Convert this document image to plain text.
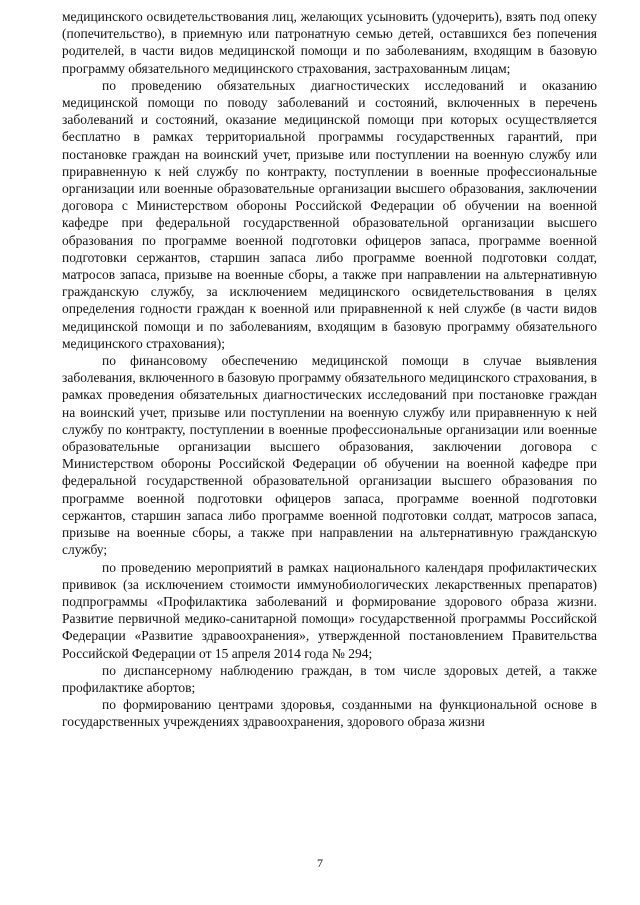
медицинского освидетельствования лиц, желающих усыновить (удочерить), взять под опеку (попечительство), в приемную или патронатную семью детей, оставшихся без попечения родителей, в части видов медицинской помощи и по заболеваниям, входящим в базовую программу обязательного медицинского страхования, застрахованным лицам;

по проведению обязательных диагностических исследований и оказанию медицинской помощи по поводу заболеваний и состояний, включенных в перечень заболеваний и состояний, оказание медицинской помощи при которых осуществляется бесплатно в рамках территориальной программы государственных гарантий, при постановке граждан на воинский учет, призыве или поступлении на военную службу или приравненную к ней службу по контракту, поступлении в военные профессиональные организации или военные образовательные организации высшего образования, заключении договора с Министерством обороны Российской Федерации об обучении на военной кафедре при федеральной государственной образовательной организации высшего образования по программе военной подготовки офицеров запаса, программе военной подготовки сержантов, старшин запаса либо программе военной подготовки солдат, матросов запаса, призыве на военные сборы, а также при направлении на альтернативную гражданскую службу, за исключением медицинского освидетельствования в целях определения годности граждан к военной или приравненной к ней службе (в части видов медицинской помощи и по заболеваниям, входящим в базовую программу обязательного медицинского страхования);

по финансовому обеспечению медицинской помощи в случае выявления заболевания, включенного в базовую программу обязательного медицинского страхования, в рамках проведения обязательных диагностических исследований при постановке граждан на воинский учет, призыве или поступлении на военную службу или приравненную к ней службу по контракту, поступлении в военные профессиональные организации или военные образовательные организации высшего образования, заключении договора с Министерством обороны Российской Федерации об обучении на военной кафедре при федеральной государственной образовательной организации высшего образования по программе военной подготовки офицеров запаса, программе военной подготовки сержантов, старшин запаса либо программе военной подготовки солдат, матросов запаса, призыве на военные сборы, а также при направлении на альтернативную гражданскую службу;

по проведению мероприятий в рамках национального календаря профилактических прививок (за исключением стоимости иммунобиологических лекарственных препаратов) подпрограммы «Профилактика заболеваний и формирование здорового образа жизни. Развитие первичной медико-санитарной помощи» государственной программы Российской Федерации «Развитие здравоохранения», утвержденной постановлением Правительства Российской Федерации от 15 апреля 2014 года № 294;

по диспансерному наблюдению граждан, в том числе здоровых детей, а также профилактике абортов;

по формированию центрами здоровья, созданными на функциональной основе в государственных учреждениях здравоохранения, здорового образа жизни

7
